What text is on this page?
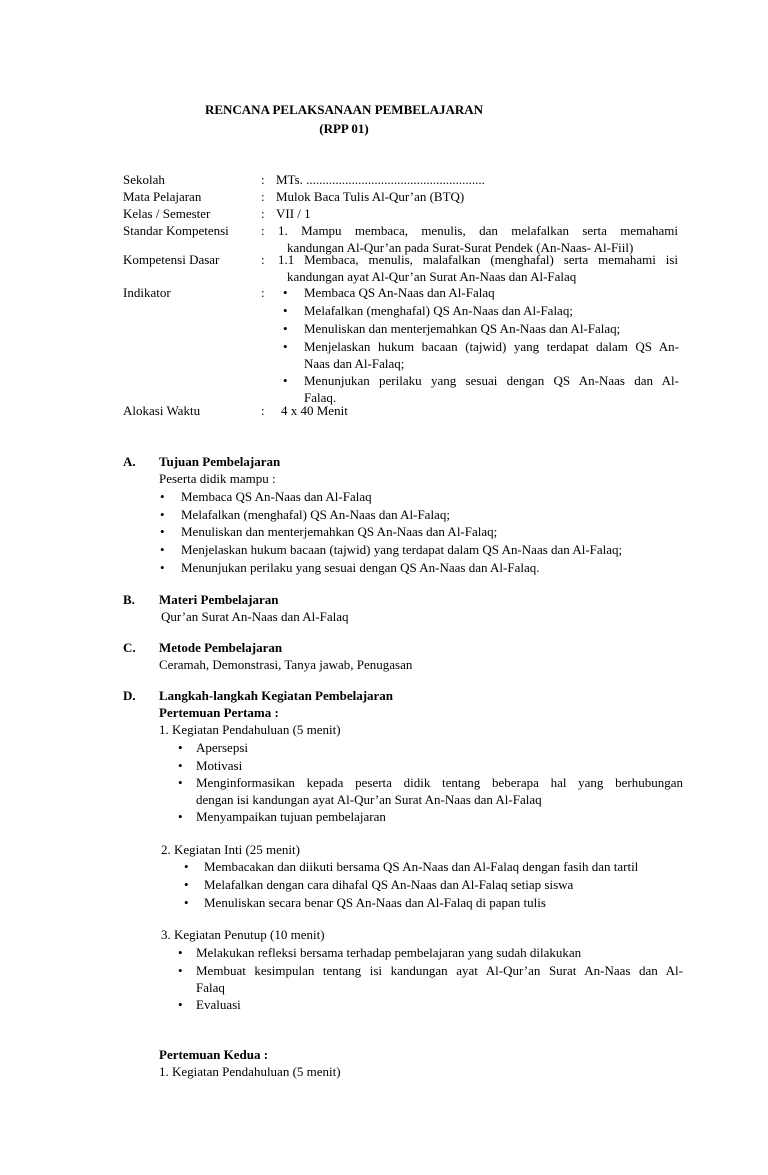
RENCANA PELAKSANAAN PEMBELAJARAN
(RPP 01)
Sekolah	: MTs. .......................................................
Mata Pelajaran	: Mulok Baca Tulis Al-Qur’an (BTQ)
Kelas / Semester	: VII / 1
Standar Kompetensi	:	1. Mampu membaca, menulis, dan melafalkan serta memahami
kandungan Al-Qur’an pada Surat-Surat Pendek (An-Naas- Al-Fiil)
Kompetensi Dasar	:	1.1 Membaca, menulis, malafalkan (menghafal) serta memahami isi
kandungan ayat Al-Qur’an Surat An-Naas dan Al-Falaq
Indikator	:	• Membaca QS An-Naas dan Al-Falaq
• Melafalkan (menghafal) QS An-Naas dan Al-Falaq;
• Menuliskan dan menterjemahkan QS An-Naas dan Al-Falaq;
• Menjelaskan hukum bacaan (tajwid) yang terdapat dalam QS An-
Naas dan Al-Falaq;
• Menunjukan perilaku yang sesuai dengan QS An-Naas dan Al-
Falaq.
Alokasi Waktu	:	4 x 40 Menit
A. Tujuan Pembelajaran
Peserta didik mampu :
• Membaca QS An-Naas dan Al-Falaq
• Melafalkan (menghafal) QS An-Naas dan Al-Falaq;
• Menuliskan dan menterjemahkan QS An-Naas dan Al-Falaq;
• Menjelaskan hukum bacaan (tajwid) yang terdapat dalam QS An-Naas dan Al-Falaq;
• Menunjukan perilaku yang sesuai dengan QS An-Naas dan Al-Falaq.
B. Materi Pembelajaran
Qur’an Surat An-Naas dan Al-Falaq
C. Metode Pembelajaran
Ceramah, Demonstrasi, Tanya jawab, Penugasan
D. Langkah-langkah Kegiatan Pembelajaran
Pertemuan Pertama :
1. Kegiatan Pendahuluan (5 menit)
• Apersepsi
• Motivasi
• Menginformasikan kepada peserta didik tentang beberapa hal yang berhubungan
dengan isi kandungan ayat Al-Qur’an Surat An-Naas dan Al-Falaq
• Menyampaikan tujuan pembelajaran
2. Kegiatan Inti (25 menit)
• Membacakan dan diikuti bersama QS An-Naas dan Al-Falaq dengan fasih dan tartil
• Melafalkan dengan cara dihafal QS An-Naas dan Al-Falaq setiap siswa
• Menuliskan secara benar QS An-Naas dan Al-Falaq di papan tulis
3. Kegiatan Penutup (10 menit)
• Melakukan refleksi bersama terhadap pembelajaran yang sudah dilakukan
• Membuat kesimpulan tentang isi kandungan ayat Al-Qur’an Surat An-Naas dan Al-
Falaq
• Evaluasi
Pertemuan Kedua :
1. Kegiatan Pendahuluan (5 menit)
